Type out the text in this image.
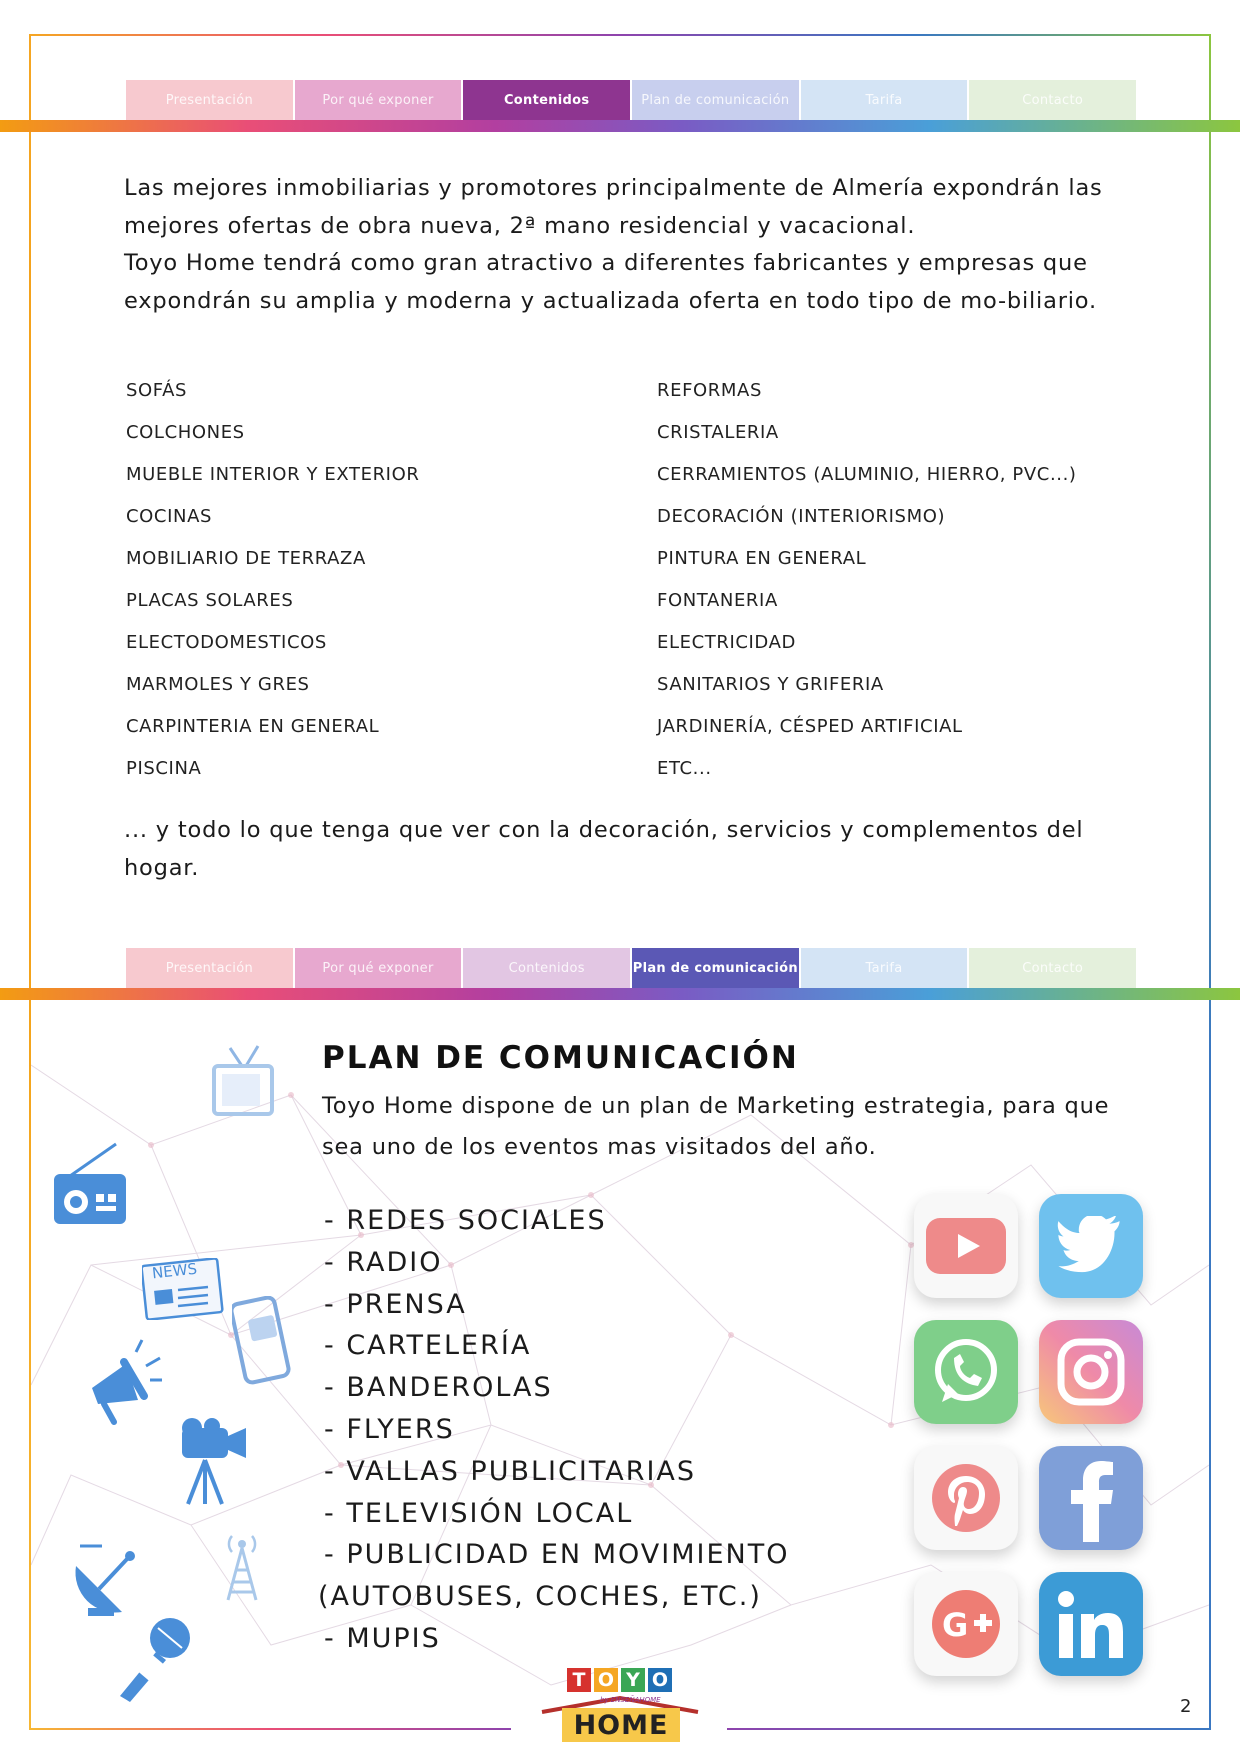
Presentación	Por qué exponer	Contenidos	Plan de comunicación	Tarifa	Contacto

Las mejores inmobiliarias y promotores principalmente de Almería expondrán las mejores ofertas de obra nueva, 2ª mano residencial y vacacional.

Toyo Home tendrá como gran atractivo a diferentes fabricantes y empresas que expondrán su amplia y moderna y actualizada oferta en todo tipo de mo-biliario.

SOFÁS
COLCHONES
MUEBLE INTERIOR Y EXTERIOR
COCINAS
MOBILIARIO DE TERRAZA
PLACAS SOLARES
ELECTODOMESTICOS
MARMOLES Y GRES
CARPINTERIA EN GENERAL
PISCINA
REFORMAS
CRISTALERIA
CERRAMIENTOS (ALUMINIO, HIERRO, PVC...)
DECORACIÓN (INTERIORISMO)
PINTURA EN GENERAL
FONTANERIA
ELECTRICIDAD
SANITARIOS Y GRIFERIA
JARDINERÍA, CÉSPED ARTIFICIAL
ETC...
... y todo lo que tenga que ver con la decoración, servicios y complementos del hogar.
Presentación	Por qué exponer	Contenidos	Plan de comunicación	Tarifa	Contacto
NEWS
PLAN DE COMUNICACIÓN
Toyo Home dispone de un plan de Marketing estrategia, para que sea uno de los eventos mas visitados del año.
- REDES SOCIALES
- RADIO
- PRENSA
- CARTELERÍA
- BANDEROLAS
- FLYERS
- VALLAS PUBLICITARIAS
- TELEVISIÓN LOCAL
- PUBLICIDAD EN MOVIMIENTO
(AUTOBUSES, COCHES, ETC.)
- MUPIS	G
T O Y O
by ENSEÑAHOME
HOME
2
